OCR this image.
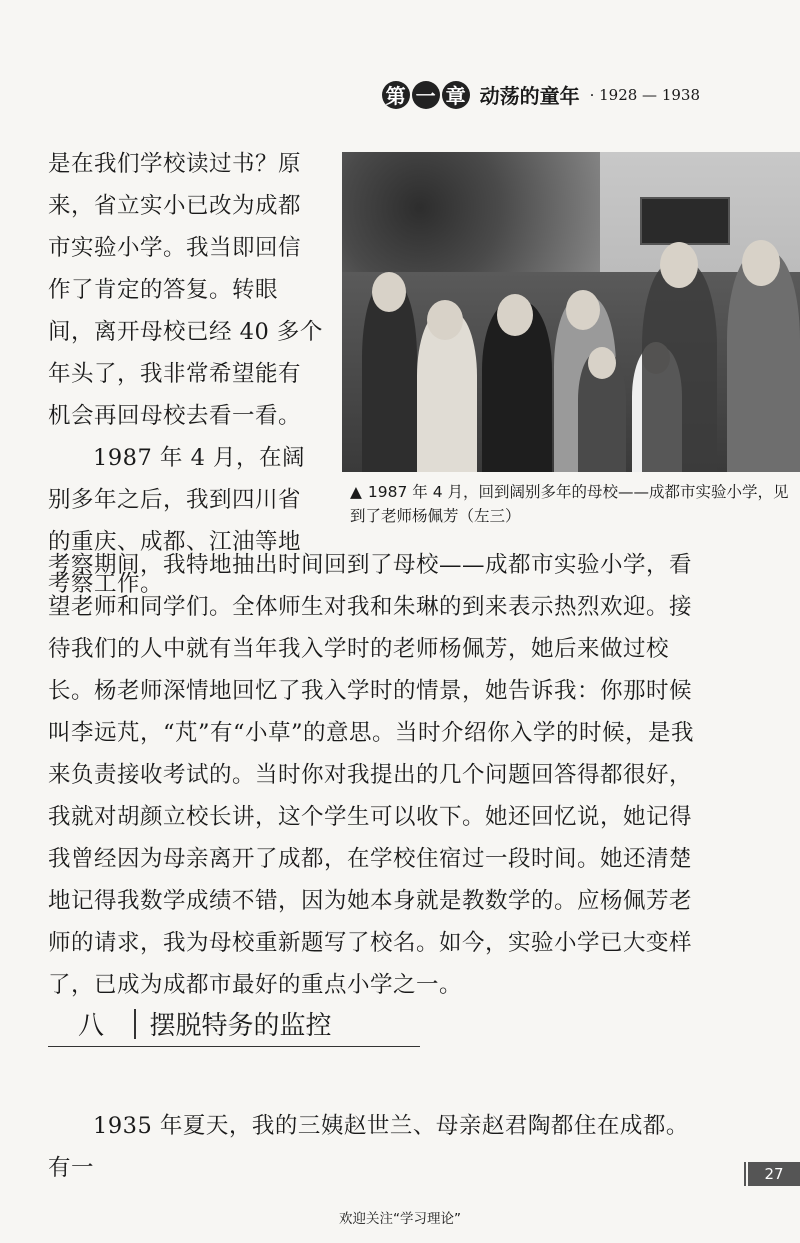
第 一 章 动荡的童年 · 1928 — 1938

是在我们学校读过书？原来，省立实小已改为成都市实验小学。我当即回信作了肯定的答复。转眼间，离开母校已经 40 多个年头了，我非常希望能有机会再回母校去看一看。

1987 年 4 月，在阔别多年之后，我到四川省的重庆、成都、江油等地考察工作。

▲ 1987 年 4 月，回到阔别多年的母校——成都市实验小学，见到了老师杨佩芳（左三）
考察期间，我特地抽出时间回到了母校——成都市实验小学，看望老师和同学们。全体师生对我和朱琳的到来表示热烈欢迎。接待我们的人中就有当年我入学时的老师杨佩芳，她后来做过校长。杨老师深情地回忆了我入学时的情景，她告诉我：你那时候叫李远芃，“芃”有“小草”的意思。当时介绍你入学的时候，是我来负责接收考试的。当时你对我提出的几个问题回答得都很好，我就对胡颜立校长讲，这个学生可以收下。她还回忆说，她记得我曾经因为母亲离开了成都，在学校住宿过一段时间。她还清楚地记得我数学成绩不错，因为她本身就是教数学的。应杨佩芳老师的请求，我为母校重新题写了校名。如今，实验小学已大变样了，已成为成都市最好的重点小学之一。
八	摆脱特务的监控
1935 年夏天，我的三姨赵世兰、母亲赵君陶都住在成都。有一	27
欢迎关注“学习理论”
